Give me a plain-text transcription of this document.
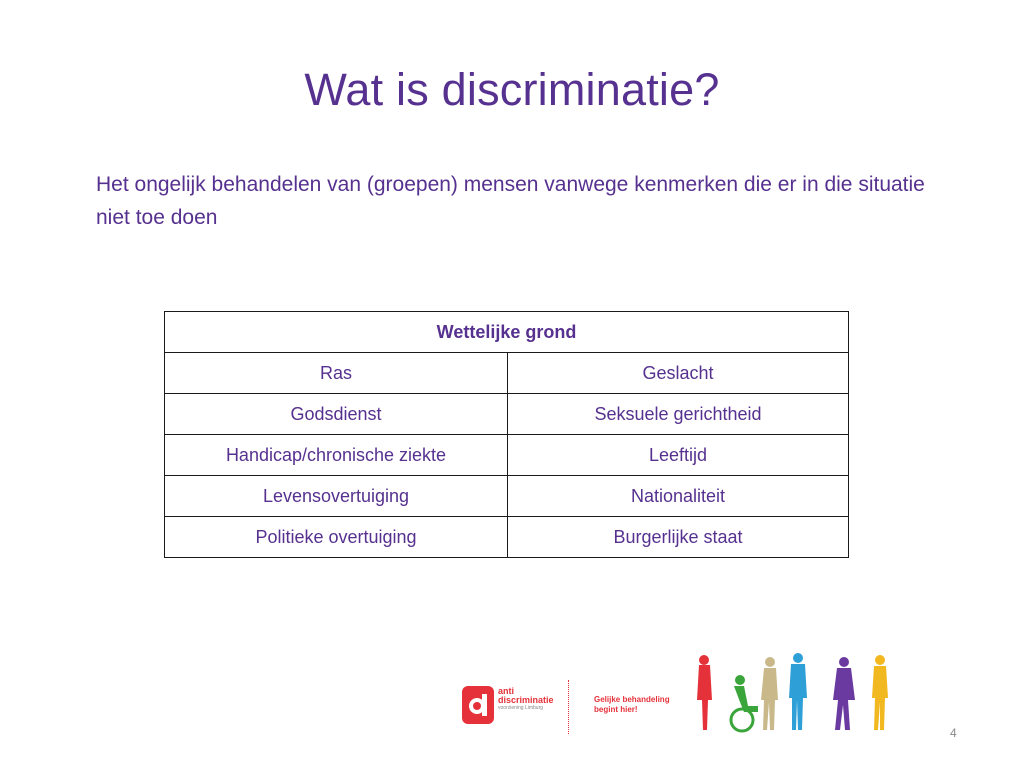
Wat is discriminatie?
Het ongelijk behandelen van (groepen) mensen vanwege kenmerken die er in die situatie niet toe doen
Wettelijke grond	
Ras	Geslacht
Godsdienst	Seksuele gerichtheid
Handicap/chronische ziekte	Leeftijd
Levensovertuiging	Nationaliteit
Politieke overtuiging	Burgerlijke staat
anti
discriminatie
voorziening Limburg
Gelijke behandeling
begint hier!
4
